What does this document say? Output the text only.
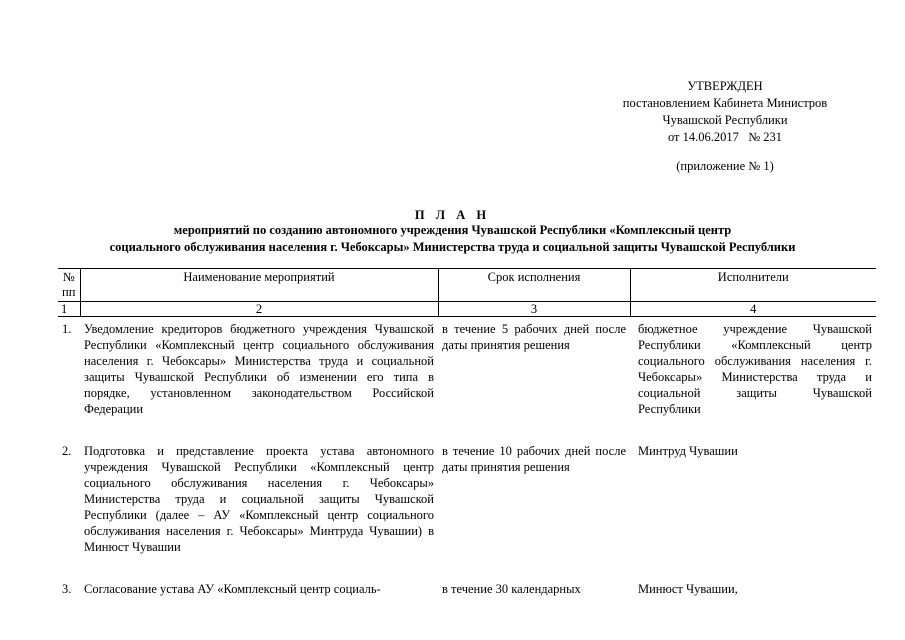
УТВЕРЖДЕН
постановлением Кабинета Министров
Чувашской Республики
от 14.06.2017   № 231
(приложение № 1)
П Л А Н
мероприятий по созданию автономного учреждения Чувашской Республики «Комплексный центр
социального обслуживания населения г. Чебоксары» Министерства труда и социальной защиты Чувашской Республики
№ пп	Наименование мероприятий	Срок исполнения	Исполнители
1	2	3	4
1.	Уведомление кредиторов бюджетного учреждения Чувашской Республики «Комплексный центр социального обслуживания населения г. Чебоксары» Министерства труда и социальной защиты Чувашской Республики об изменении его типа в порядке, установленном законодательством Российской Федерации	в течение 5 рабочих дней после даты принятия решения	бюджетное учреждение Чувашской Республики «Комплексный центр социального обслуживания населения г. Чебоксары» Министерства труда и социальной защиты Чувашской Республики
2.	Подготовка и представление проекта устава автономного учреждения Чувашской Республики «Комплексный центр социального обслуживания населения г. Чебоксары» Министерства труда и социальной защиты Чувашской Республики (далее – АУ «Комплексный центр социального обслуживания населения г. Чебоксары» Минтруда Чувашии) в Минюст Чувашии	в течение 10 рабочих дней после даты принятия решения	Минтруд Чувашии
3.	Согласование устава АУ «Комплексный центр социаль-	в течение 30 календарных	Минюст Чувашии,
